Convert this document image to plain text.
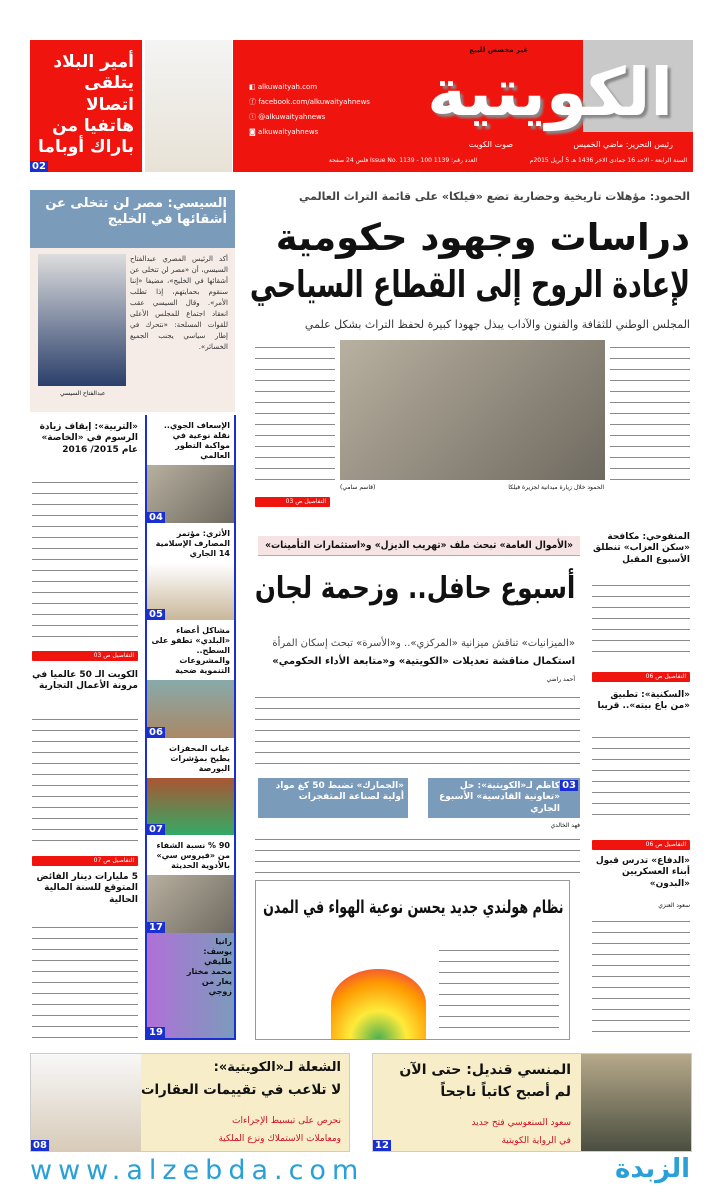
الكويتية
غير مخصص للبيع
رئيس التحرير: ماضي الخميس
صوت الكويت
السنة الرابعة - الاحد 16 جمادى الاخر 1436 هـ 5 أبريل 2015م
العدد رقم: 1139 Issue No. 1139 - 100 فلس 24 صفحة
◧ alkuwaityah.com
ⓕ facebook.com/alkuwaityahnews
ⓣ @alkuwaityahnews
◙ alkuwaityahnews
أمير البلاد يتلقى اتصالا هاتفيا من باراك أوباما
02
الحمود: مؤهلات تاريخية وحضارية تضع «فيلكا» على قائمة التراث العالمي
دراسات وجهود حكومية
لإعادة الروح إلى القطاع السياحي
المجلس الوطني للثقافة والفنون والآداب يبذل جهودا كبيرة لحفظ التراث بشكل علمي
الحمود خلال زيارة ميدانية لجزيرة فيلكا
(قاسم سامي)
التفاصيل ص 03
السيسي: مصر لن تتخلى عن أشقائها في الخليج
عبدالفتاح السيسي
أكد الرئيس المصري عبدالفتاح السيسي، أن «مصر لن تتخلى عن أشقائها في الخليج»، مضيفا «إننا سنقوم بحمايتهم، إذا تطلب الأمر». وقال السيسي عقب انعقاد اجتماع للمجلس الأعلى للقوات المسلحة: «نتحرك في إطار سياسي يجنب الجميع الخسائر».
«الأموال العامة» تبحث ملف «تهريب الديزل» و«استثمارات التأمينات»
أسبوع حافل.. وزحمة لجان
«الميزانيات» تناقش ميزانية «المركزي».. و«الأسرة» تبحث إسكان المرأة
استكمال مناقشة تعديلات «الكويتية» و«متابعة الأداء الحكومي»
أحمد راضي
كاظم لـ«الكويتية»: حل «تعاونية القادسية» الأسبوع الجاري
03
«الجمارك» تضبط 50 كغ مواد أولية لصناعة المتفجرات
فهد الخالدي
نظام هولندي جديد يحسن نوعية الهواء في المدن
المنفوحي: مكافحة «سكن العزاب» تنطلق الأسبوع المقبل
التفاصيل ص 06
«السكنية»: تطبيق «من باع بيته».. قريبا
التفاصيل ص 06
«الدفاع» تدرس قبول أبناء العسكريين «البدون»
سعود العنزي
«التربية»: إيقاف زيادة الرسوم في «الخاصة» عام 2015/ 2016
التفاصيل ص 03
الكويت الـ 50 عالميا في مرونة الأعمال التجارية
التفاصيل ص 07
5 مليارات دينار الفائض المتوقع للسنة المالية الحالية
الإسعاف الجوي.. نقلة نوعية في مواكبة التطور العالمي
04
الأثري: مؤتمر المصارف الإسلامية 14 الجاري
05
مشاكل أعضاء «البلدي» تطفو على السطح.. والمشروعات التنموية ضحية
06
غياب المحفزات يطيح بمؤشرات البورصة
07
90 % نسبة الشفاء من «فيروس سي» بالأدوية الحديثة
17
رانيا يوسف: طليقي محمد مختار يغار من زوجي
19
الشعلة لـ«الكويتية»:
لا تلاعب في تقييمات العقارات
نحرص على تبسيط الإجراءات
ومعاملات الاستملاك ونزع الملكية
08
المنسي قنديل: حتى الآن
لم أصبح كاتباً ناجحاً
سعود السنعوسي فتح جديد
في الرواية الكويتية
12
www.alzebda.com	الزبدة
